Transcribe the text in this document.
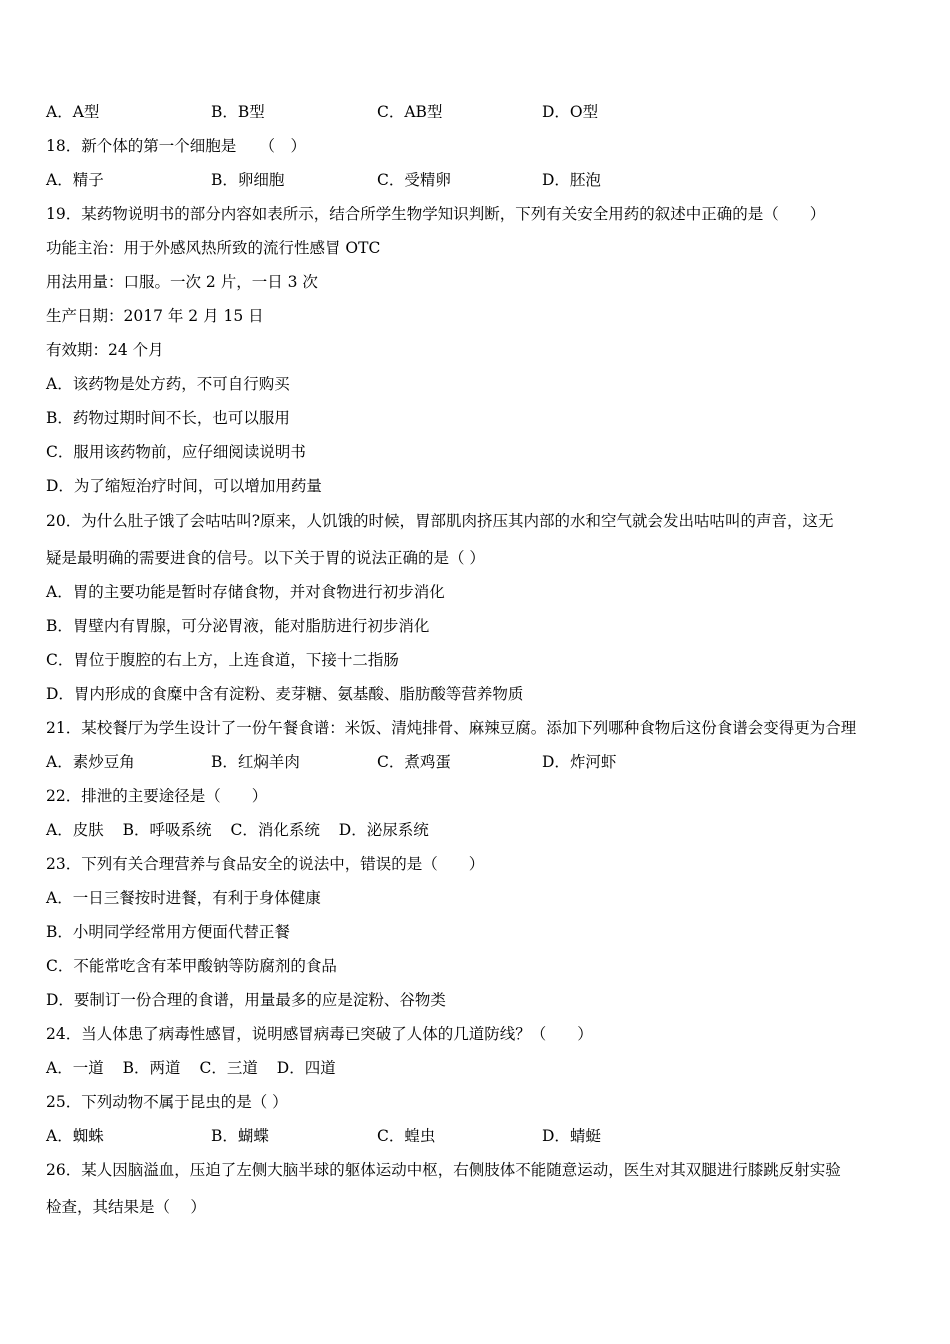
A．A型	B．B型	C．AB型	D．O型
18．新个体的第一个细胞是　　（　）
A．精子	B．卵细胞	C．受精卵	D．胚泡
19．某药物说明书的部分内容如表所示，结合所学生物学知识判断，下列有关安全用药的叙述中正确的是（　　）
功能主治：用于外感风热所致的流行性感冒 OTC
用法用量：口服。一次 2 片，一日 3 次
生产日期：2017 年 2 月 15 日
有效期：24 个月
A．该药物是处方药，不可自行购买
B．药物过期时间不长，也可以服用
C．服用该药物前，应仔细阅读说明书
D．为了缩短治疗时间，可以增加用药量
20．为什么肚子饿了会咕咕叫?原来，人饥饿的时候，胃部肌肉挤压其内部的水和空气就会发出咕咕叫的声音，这无
疑是最明确的需要进食的信号。以下关于胃的说法正确的是（ ）
A．胃的主要功能是暂时存储食物，并对食物进行初步消化
B．胃壁内有胃腺，可分泌胃液，能对脂肪进行初步消化
C．胃位于腹腔的右上方，上连食道，下接十二指肠
D．胃内形成的食糜中含有淀粉、麦芽糖、氨基酸、脂肪酸等营养物质
21．某校餐厅为学生设计了一份午餐食谱：米饭、清炖排骨、麻辣豆腐。添加下列哪种食物后这份食谱会变得更为合理
A．素炒豆角	B．红焖羊肉	C．煮鸡蛋	D．炸河虾
22．排泄的主要途径是（　　）
A．皮肤 B．呼吸系统 C．消化系统 D．泌尿系统
23．下列有关合理营养与食品安全的说法中，错误的是（　　）
A．一日三餐按时进餐，有利于身体健康
B．小明同学经常用方便面代替正餐
C．不能常吃含有苯甲酸钠等防腐剂的食品
D．要制订一份合理的食谱，用量最多的应是淀粉、谷物类
24．当人体患了病毒性感冒，说明感冒病毒已突破了人体的几道防线？（　　）
A．一道 B．两道 C．三道 D．四道
25．下列动物不属于昆虫的是（ ）
A．蜘蛛	B．蝴蝶	C．蝗虫	D．蜻蜓
26．某人因脑溢血，压迫了左侧大脑半球的躯体运动中枢，右侧肢体不能随意运动，医生对其双腿进行膝跳反射实验
检查，其结果是（　 ）
